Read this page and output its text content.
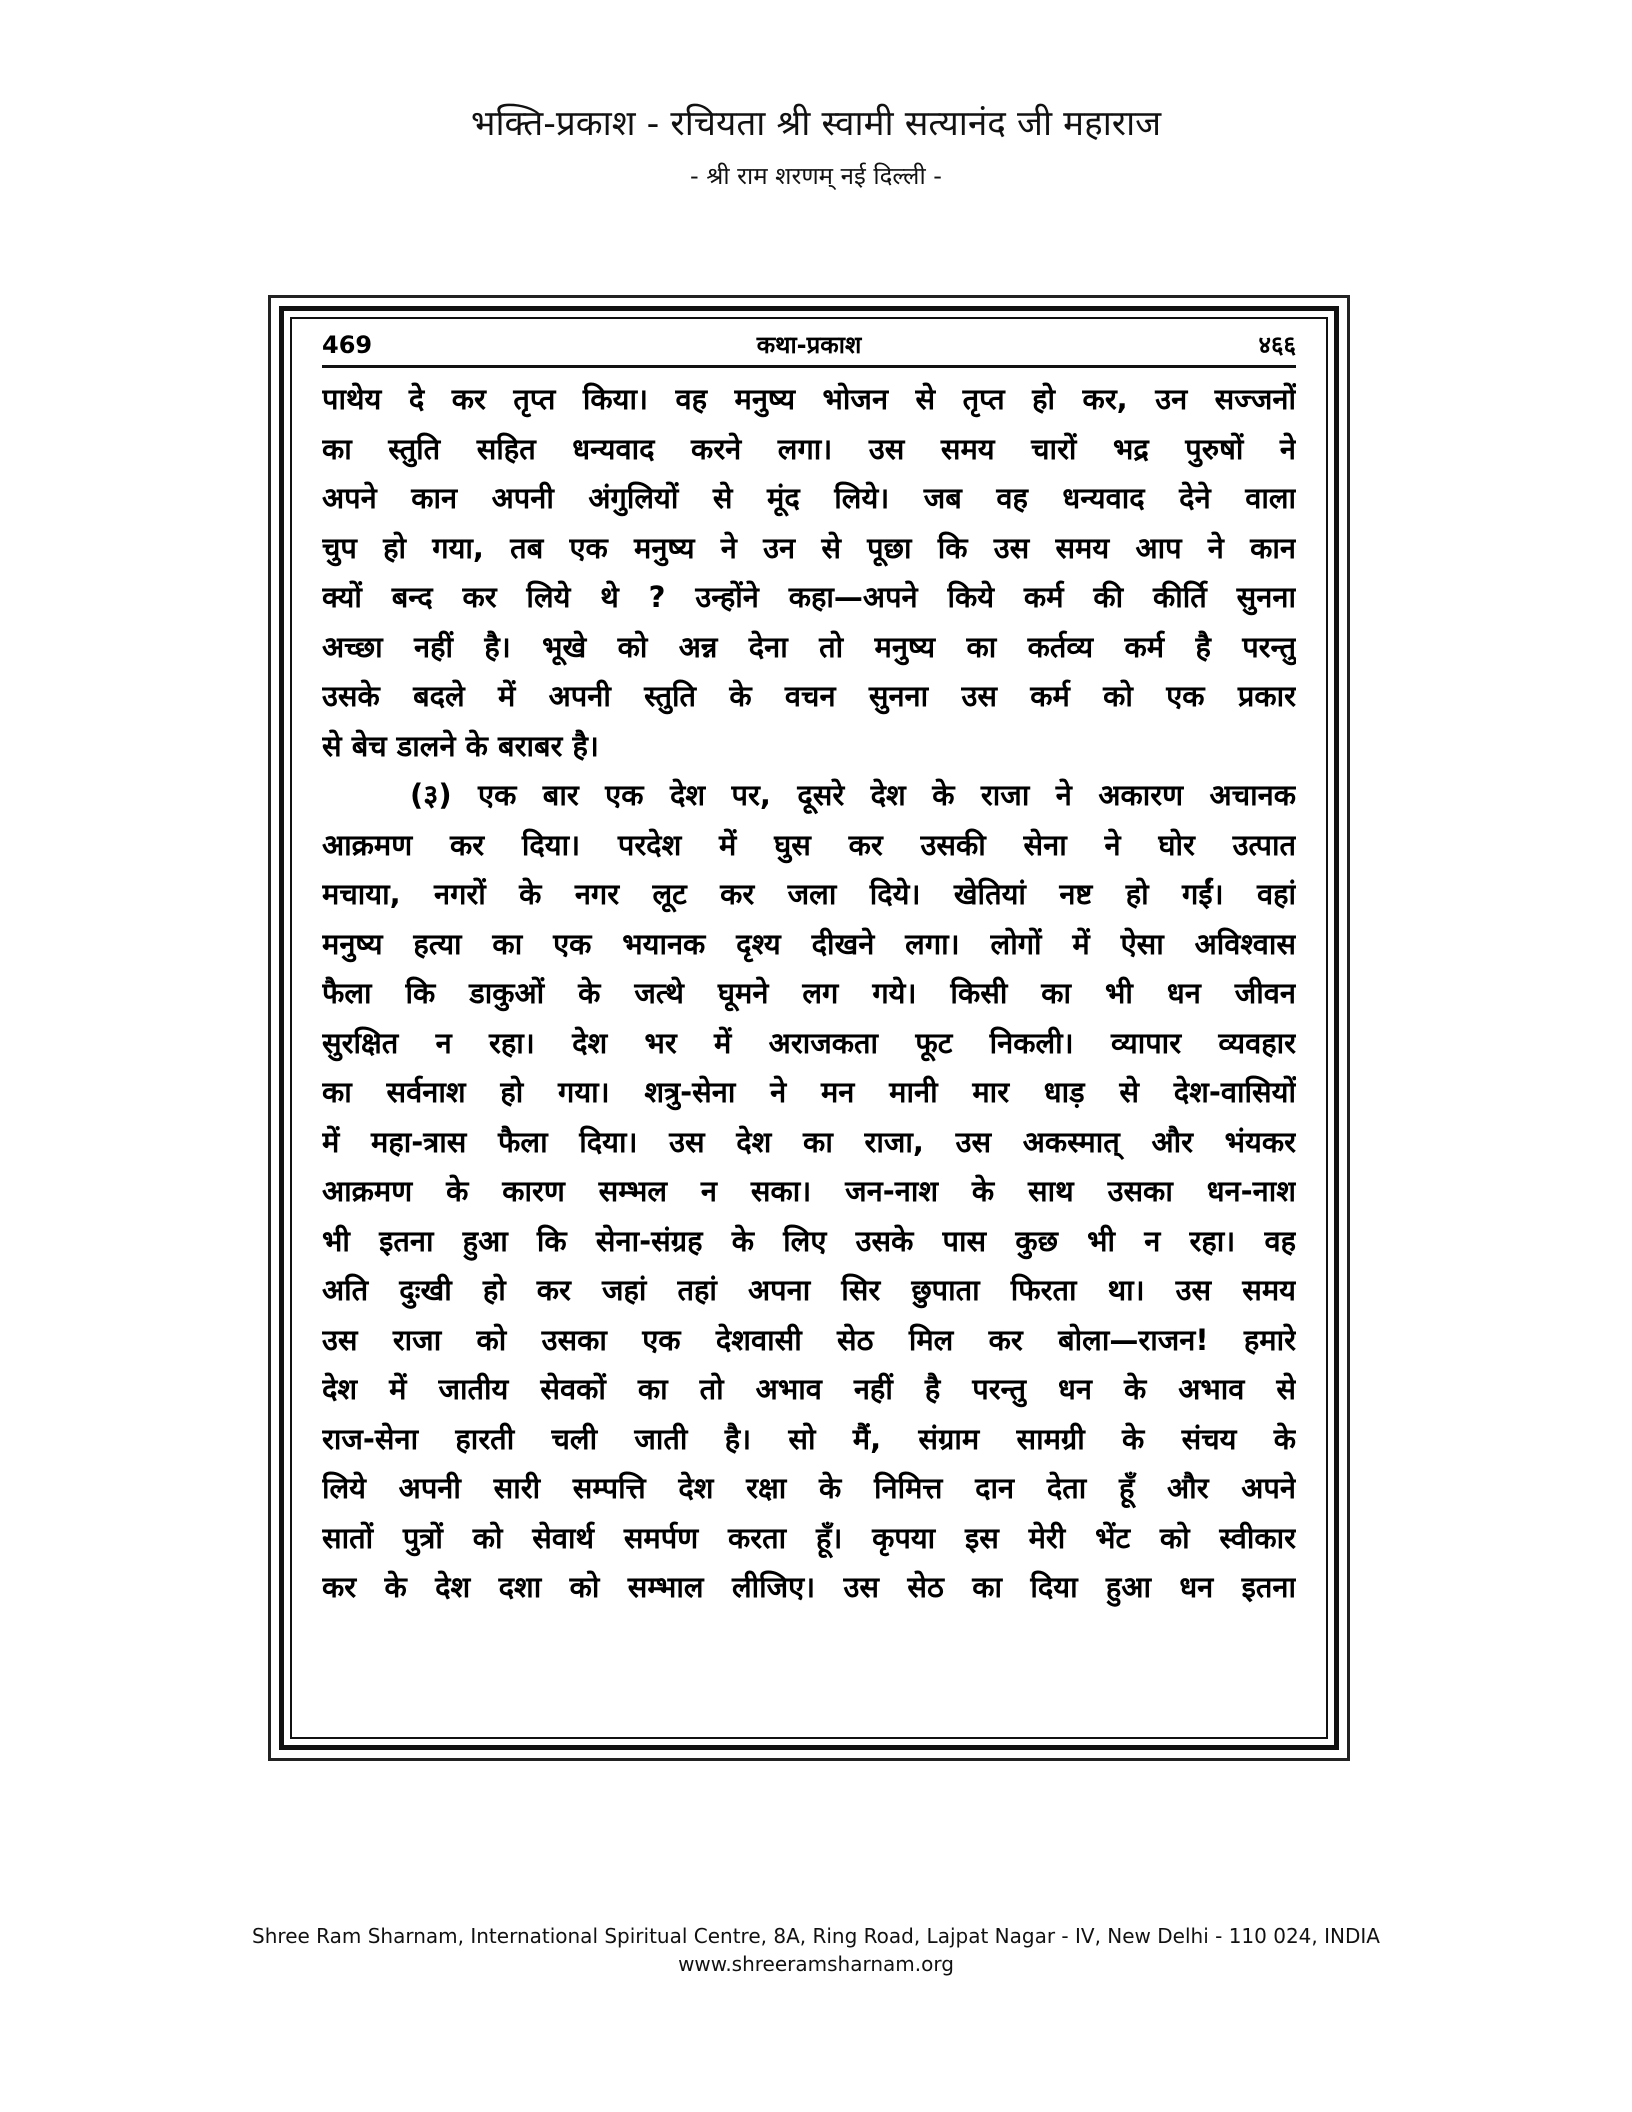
भक्ति-प्रकाश - रचियता श्री स्वामी सत्यानंद जी महाराज
- श्री राम शरणम् नई दिल्ली -
469	कथा-प्रकाश	४६६
पाथेय दे कर तृप्त किया। वह मनुष्य भोजन से तृप्त हो कर, उन सज्जनों
का स्तुति सहित धन्यवाद करने लगा। उस समय चारों भद्र पुरुषों ने
अपने कान अपनी अंगुलियों से मूंद लिये। जब वह धन्यवाद देने वाला
चुप हो गया, तब एक मनुष्य ने उन से पूछा कि उस समय आप ने कान
क्यों बन्द कर लिये थे ? उन्होंने कहा—अपने किये कर्म की कीर्ति सुनना
अच्छा नहीं है। भूखे को अन्न देना तो मनुष्य का कर्तव्य कर्म है परन्तु
उसके बदले में अपनी स्तुति के वचन सुनना उस कर्म को एक प्रकार
से बेच डालने के बराबर है।
(३) एक बार एक देश पर, दूसरे देश के राजा ने अकारण अचानक
आक्रमण कर दिया। परदेश में घुस कर उसकी सेना ने घोर उत्पात
मचाया, नगरों के नगर लूट कर जला दिये। खेतियां नष्ट हो गईं। वहां
मनुष्य हत्या का एक भयानक दृश्य दीखने लगा। लोगों में ऐसा अविश्वास
फैला कि डाकुओं के जत्थे घूमने लग गये। किसी का भी धन जीवन
सुरक्षित न रहा। देश भर में अराजकता फूट निकली। व्यापार व्यवहार
का सर्वनाश हो गया। शत्रु-सेना ने मन मानी मार धाड़ से देश-वासियों
में महा-त्रास फैला दिया। उस देश का राजा, उस अकस्मात् और भंयकर
आक्रमण के कारण सम्भल न सका। जन-नाश के साथ उसका धन-नाश
भी इतना हुआ कि सेना-संग्रह के लिए उसके पास कुछ भी न रहा। वह
अति दुःखी हो कर जहां तहां अपना सिर छुपाता फिरता था। उस समय
उस राजा को उसका एक देशवासी सेठ मिल कर बोला—राजन! हमारे
देश में जातीय सेवकों का तो अभाव नहीं है परन्तु धन के अभाव से
राज-सेना हारती चली जाती है। सो मैं, संग्राम सामग्री के संचय के
लिये अपनी सारी सम्पत्ति देश रक्षा के निमित्त दान देता हूँ और अपने
सातों पुत्रों को सेवार्थ समर्पण करता हूँ। कृपया इस मेरी भेंट को स्वीकार
कर के देश दशा को सम्भाल लीजिए। उस सेठ का दिया हुआ धन इतना
Shree Ram Sharnam, International Spiritual Centre, 8A, Ring Road, Lajpat Nagar - IV, New Delhi - 110 024, INDIA
www.shreeramsharnam.org
